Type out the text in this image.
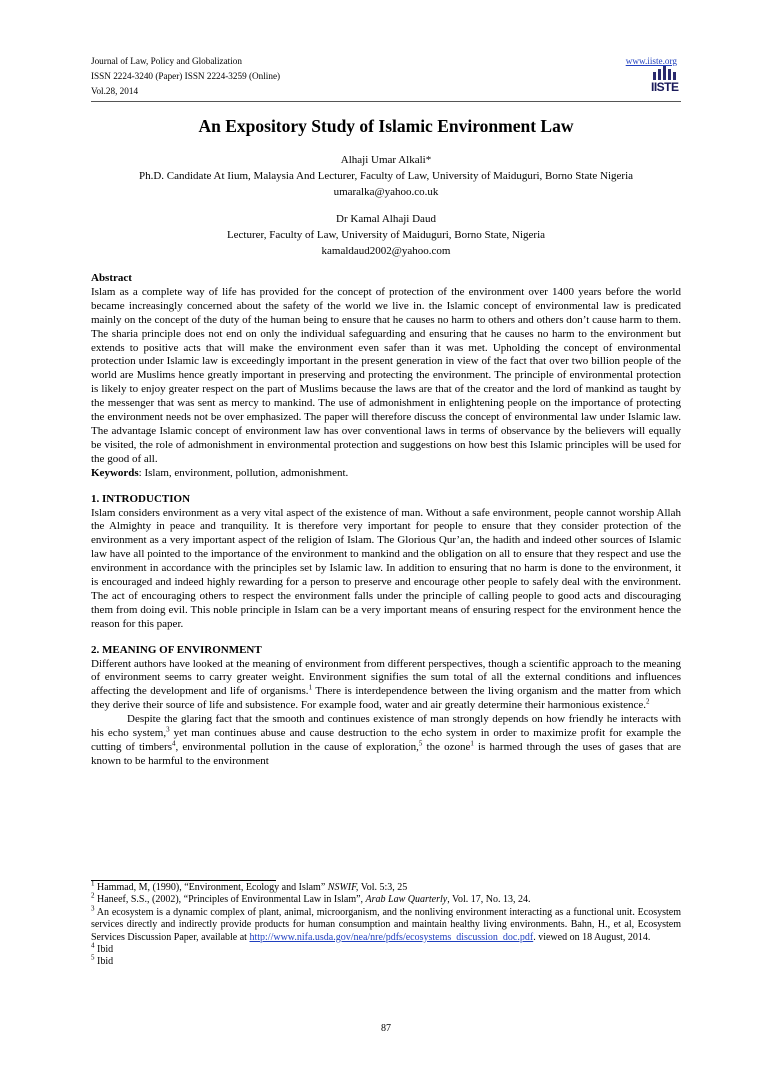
Journal of Law, Policy and Globalization
ISSN 2224-3240 (Paper) ISSN 2224-3259 (Online)
Vol.28, 2014
www.iiste.org
IISTE
An Expository Study of Islamic Environment Law
Alhaji Umar Alkali*
Ph.D. Candidate At Iium, Malaysia And Lecturer, Faculty of Law, University of Maiduguri, Borno State Nigeria
umaralka@yahoo.co.uk
Dr Kamal Alhaji Daud
Lecturer, Faculty of Law, University of Maiduguri, Borno State, Nigeria
kamaldaud2002@yahoo.com

Abstract

Islam as a complete way of life has provided for the concept of protection of the environment over 1400 years before the world became increasingly concerned about the safety of the world we live in. the Islamic concept of environmental law is predicated mainly on the concept of the duty of the human being to ensure that he causes no harm to others and others don’t cause harm to them. The sharia principle does not end on only the individual safeguarding and ensuring that he causes no harm to the environment but extends to positive acts that will make the environment even safer than it was met. Upholding the concept of environmental protection under Islamic law is exceedingly important in the present generation in view of the fact that over two billion people of the world are Muslims hence greatly important in preserving and protecting the environment. The principle of environmental protection is likely to enjoy greater respect on the part of Muslims because the laws are that of the creator and the lord of mankind as taught by the messenger that was sent as mercy to mankind. The use of admonishment in enlightening people on the importance of protecting the environment needs not be over emphasized. The paper will therefore discuss the concept of environmental law under Islamic law. The advantage Islamic concept of environment law has over conventional laws in terms of observance by the believers will equally be visited, the role of admonishment in environmental protection and suggestions on how best this Islamic principles will be used for the good of all.

Keywords: Islam, environment, pollution, admonishment.

1. INTRODUCTION

Islam considers environment as a very vital aspect of the existence of man. Without a safe environment, people cannot worship Allah the Almighty in peace and tranquility. It is therefore very important for people to ensure that they consider protection of the environment as a very important aspect of the religion of Islam. The Glorious Qur’an, the hadith and indeed other sources of Islamic law have all pointed to the importance of the environment to mankind and the obligation on all to ensure that they respect and use the environment in accordance with the principles set by Islamic law. In addition to ensuring that no harm is done to the environment, it is encouraged and indeed highly rewarding for a person to preserve and encourage other people to safely deal with the environment. The act of encouraging others to respect the environment falls under the principle of calling people to good acts and discouraging them from doing evil. This noble principle in Islam can be a very important means of ensuring respect for the environment hence the reason for this paper.

2. MEANING OF ENVIRONMENT

Different authors have looked at the meaning of environment from different perspectives, though a scientific approach to the meaning of environment seems to carry greater weight. Environment signifies the sum total of all the external conditions and influences affecting the development and life of organisms.$^1$ There is interdependence between the living organism and the matter from which they derive their source of life and subsistence. For example food, water and air greatly determine their harmonious existence.$^2$

Despite the glaring fact that the smooth and continues existence of man strongly depends on how friendly he interacts with his echo system,$^3$ yet man continues abuse and cause destruction to the echo system in order to maximize profit for example the cutting of timbers$^4$, environmental pollution in the cause of exploration,$^5$ the ozone$^1$ is harmed through the uses of gases that are known to be harmful to the environment

$^1$ Hammad, M, (1990), “Environment, Ecology and Islam” NSWIF, Vol. 5:3, 25

$^2$ Haneef, S.S., (2002), “Principles of Environmental Law in Islam”, Arab Law Quarterly, Vol. 17, No. 13, 24.

$^3$ An ecosystem is a dynamic complex of plant, animal, microorganism, and the nonliving environment interacting as a functional unit. Ecosystem services directly and indirectly provide products for human consumption and maintain healthy living environments. Bahn, H., et al, Ecosystem Services Discussion Paper, available at http://www.nifa.usda.gov/nea/nre/pdfs/ecosystems_discussion_doc.pdf. viewed on 18 August, 2014.

$^4$ Ibid

$^5$ Ibid

87
